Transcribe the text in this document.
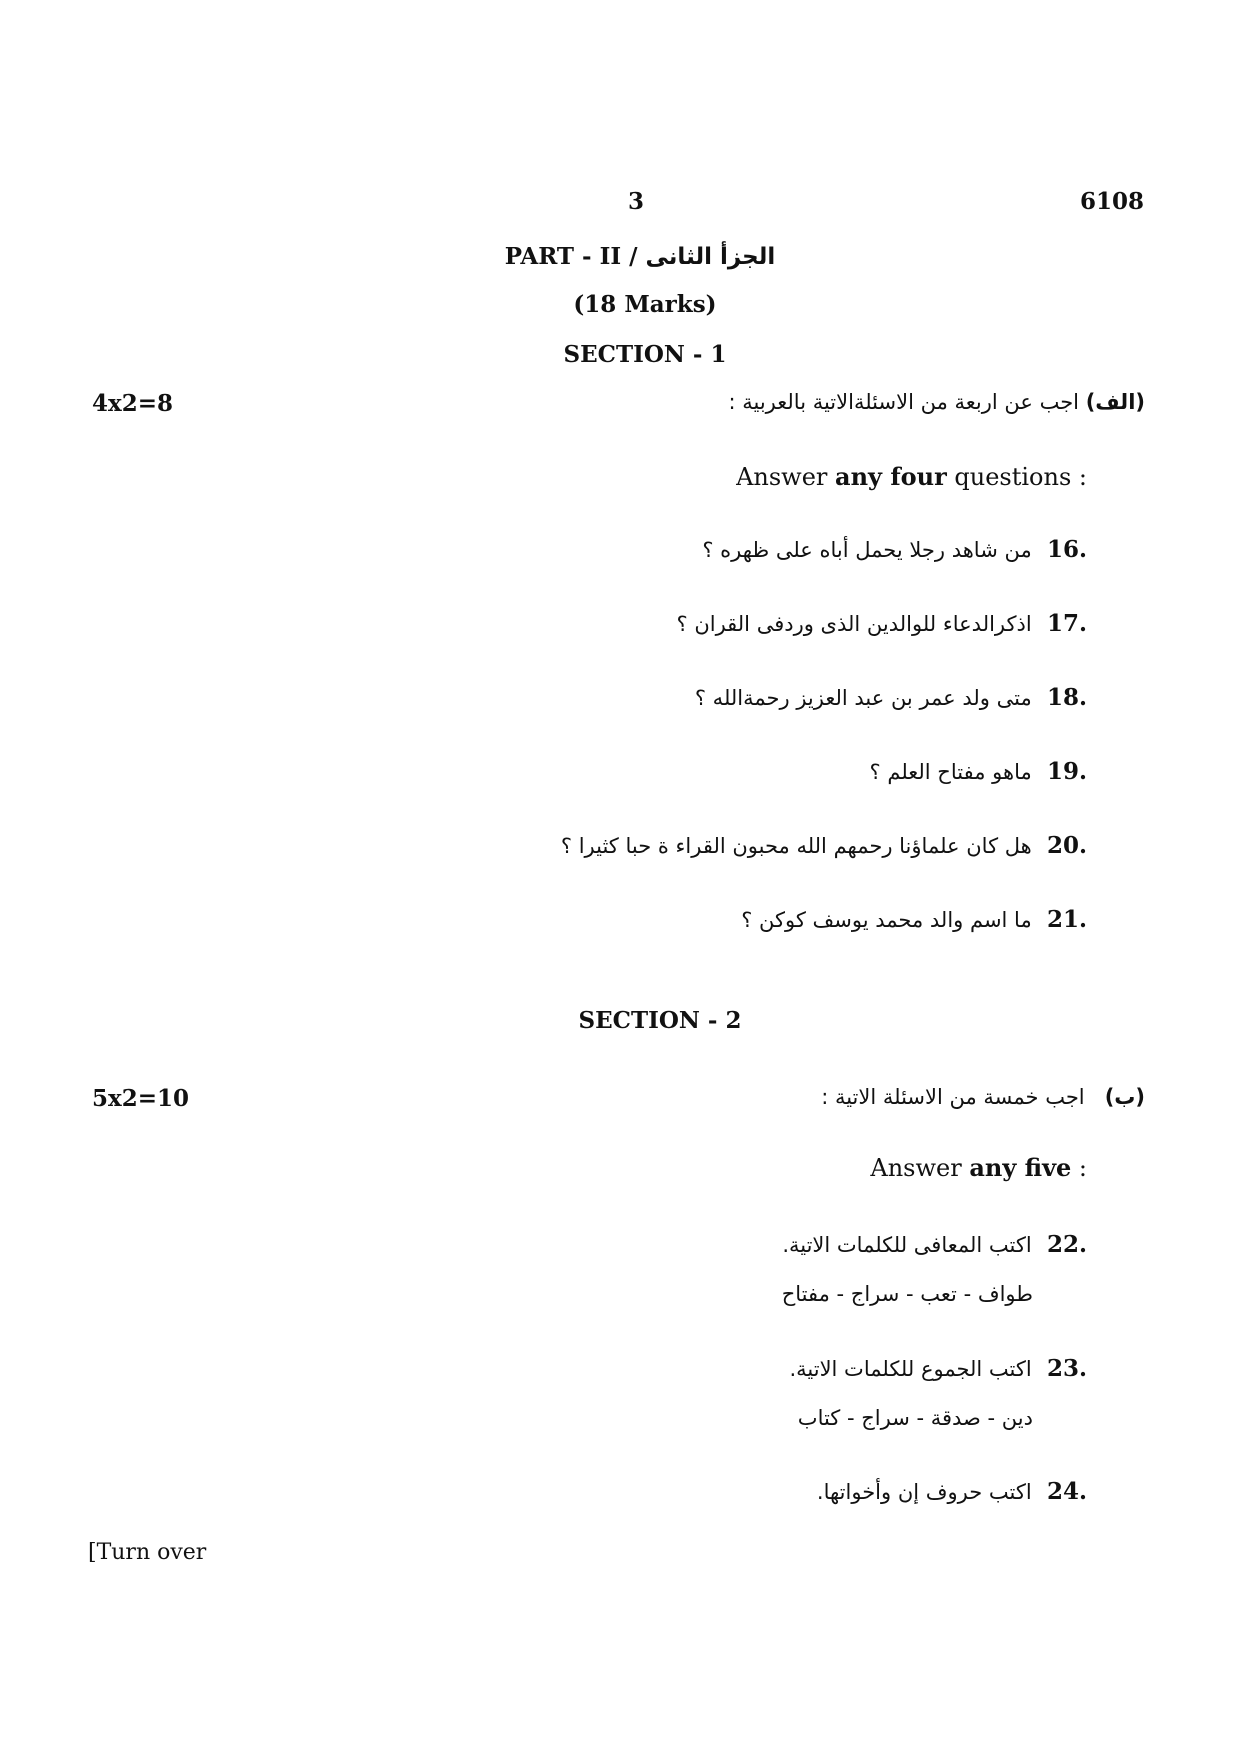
3	6108
PART - II / الجزأ الثانى
(18 Marks)
SECTION - 1
4x2=8	(الف) اجب عن اربعة من الاسئلةالاتية بالعربية :
Answer any four questions :
من شاهد رجلا يحمل أباه على ظهره ؟ 16.
اذكرالدعاء للوالدين الذى وردفى القران ؟ 17.
متى ولد عمر بن عبد العزيز رحمةالله ؟ 18.
ماهو مفتاح العلم ؟ 19.
هل كان علماؤنا رحمهم الله محبون القراء ة حبا كثيرا ؟ 20.
ما اسم والد محمد يوسف كوكن ؟ 21.
SECTION - 2
5x2=10	(ب)   اجب خمسة من الاسئلة الاتية :
Answer any five :
اكتب المعافى للكلمات الاتية. 22.
طواف - تعب - سراج - مفتاح
اكتب الجموع للكلمات الاتية. 23.
دين - صدقة - سراج - كتاب
اكتب حروف إن وأخواتها. 24.
[Turn over
